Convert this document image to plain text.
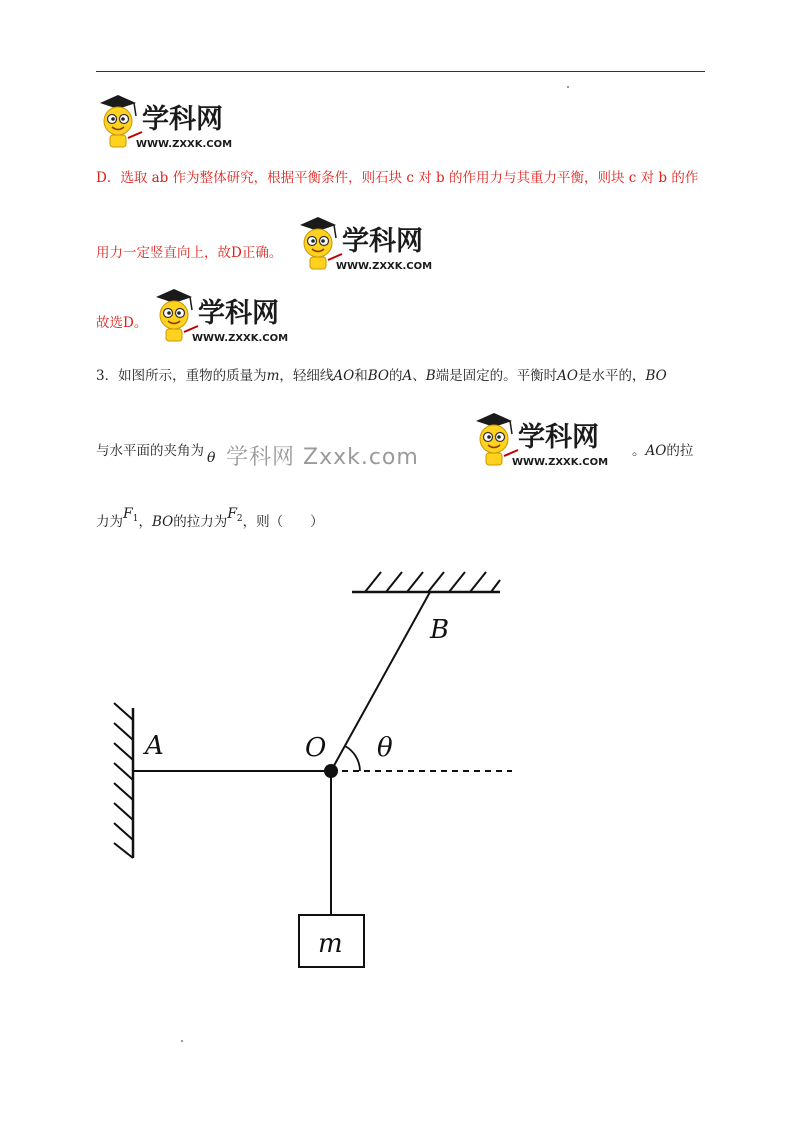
学科网
WWW.ZXXK.COM
D．选取 ab 作为整体研究，根据平衡条件，则石块 c 对 b 的作用力与其重力平衡，则块 c 对 b 的作
用力一定竖直向上，故D正确。 学科网
WWW.ZXXK.COM
故选D。 学科网
WWW.ZXXK.COM
3．如图所示，重物的质量为m，轻细线AO和BO的A、B端是固定的。平衡时AO是水平的，BO
与水平面的夹角为 θ 学科网 Zxxk.com
学科网
WWW.ZXXK.COM
。AO的拉
力为$F_1$，BO的拉力为$F_2$，则（　　）
A
B
O θ
m
